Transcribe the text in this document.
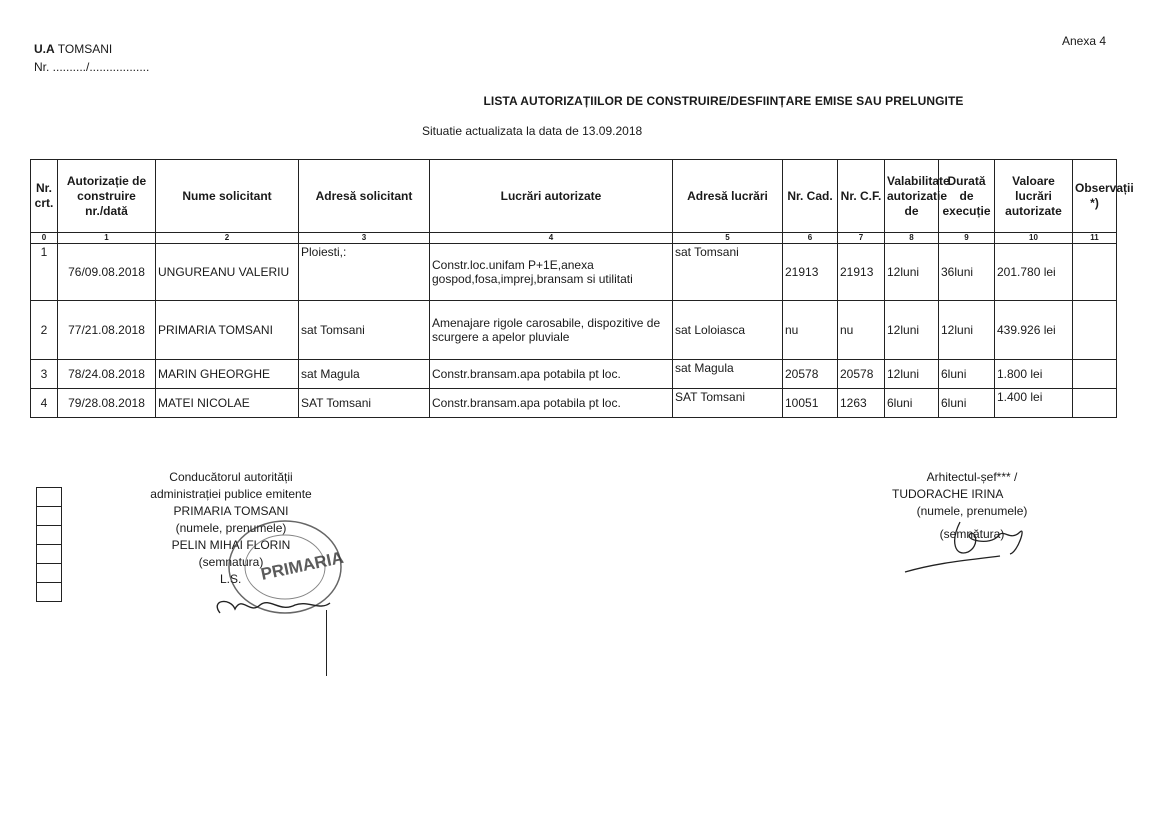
U.A TOMSANI
Nr. ........../..................
Anexa 4
LISTA AUTORIZAȚIILOR DE CONSTRUIRE/DESFIINȚARE EMISE SAU PRELUNGITE
Situatie actualizata la data de 13.09.2018
Nr. crt.	Autorizație de construire nr./dată	Nume solicitant	Adresă solicitant	Lucrări autorizate	Adresă lucrări	Nr. Cad.	Nr. C.F.	Valabilitate autorizatie de	Durată de execuție	Valoare lucrări autorizate	Observații *)
0	1	2	3	4	5	6	7	8	9	10	11
1	76/09.08.2018	UNGUREANU VALERIU	Ploiesti,:	Constr.loc.unifam P+1E,anexa gospod,fosa,imprej,bransam si utilitati	sat Tomsani	21913	21913	12luni	36luni	201.780 lei	
2	77/21.08.2018	PRIMARIA TOMSANI	sat Tomsani	Amenajare rigole carosabile, dispozitive de scurgere a apelor pluviale	sat Loloiasca	nu	nu	12luni	12luni	439.926 lei	
3	78/24.08.2018	MARIN GHEORGHE	sat Magula	Constr.bransam.apa potabila pt loc.	sat Magula	20578	20578	12luni	6luni	1.800 lei	
4	79/28.08.2018	MATEI NICOLAE	SAT Tomsani	Constr.bransam.apa potabila pt loc.	SAT Tomsani	10051	1263	6luni	6luni	1.400 lei	
Conducătorul autorității
administrației publice emitente
PRIMARIA TOMSANI
(numele, prenumele)
PELIN MIHAI FLORIN
(semnatura)
L.S.	PRIMARIA
Arhitectul-șef*** /
TUDORACHE IRINA
(numele, prenumele)
(semnătura)
